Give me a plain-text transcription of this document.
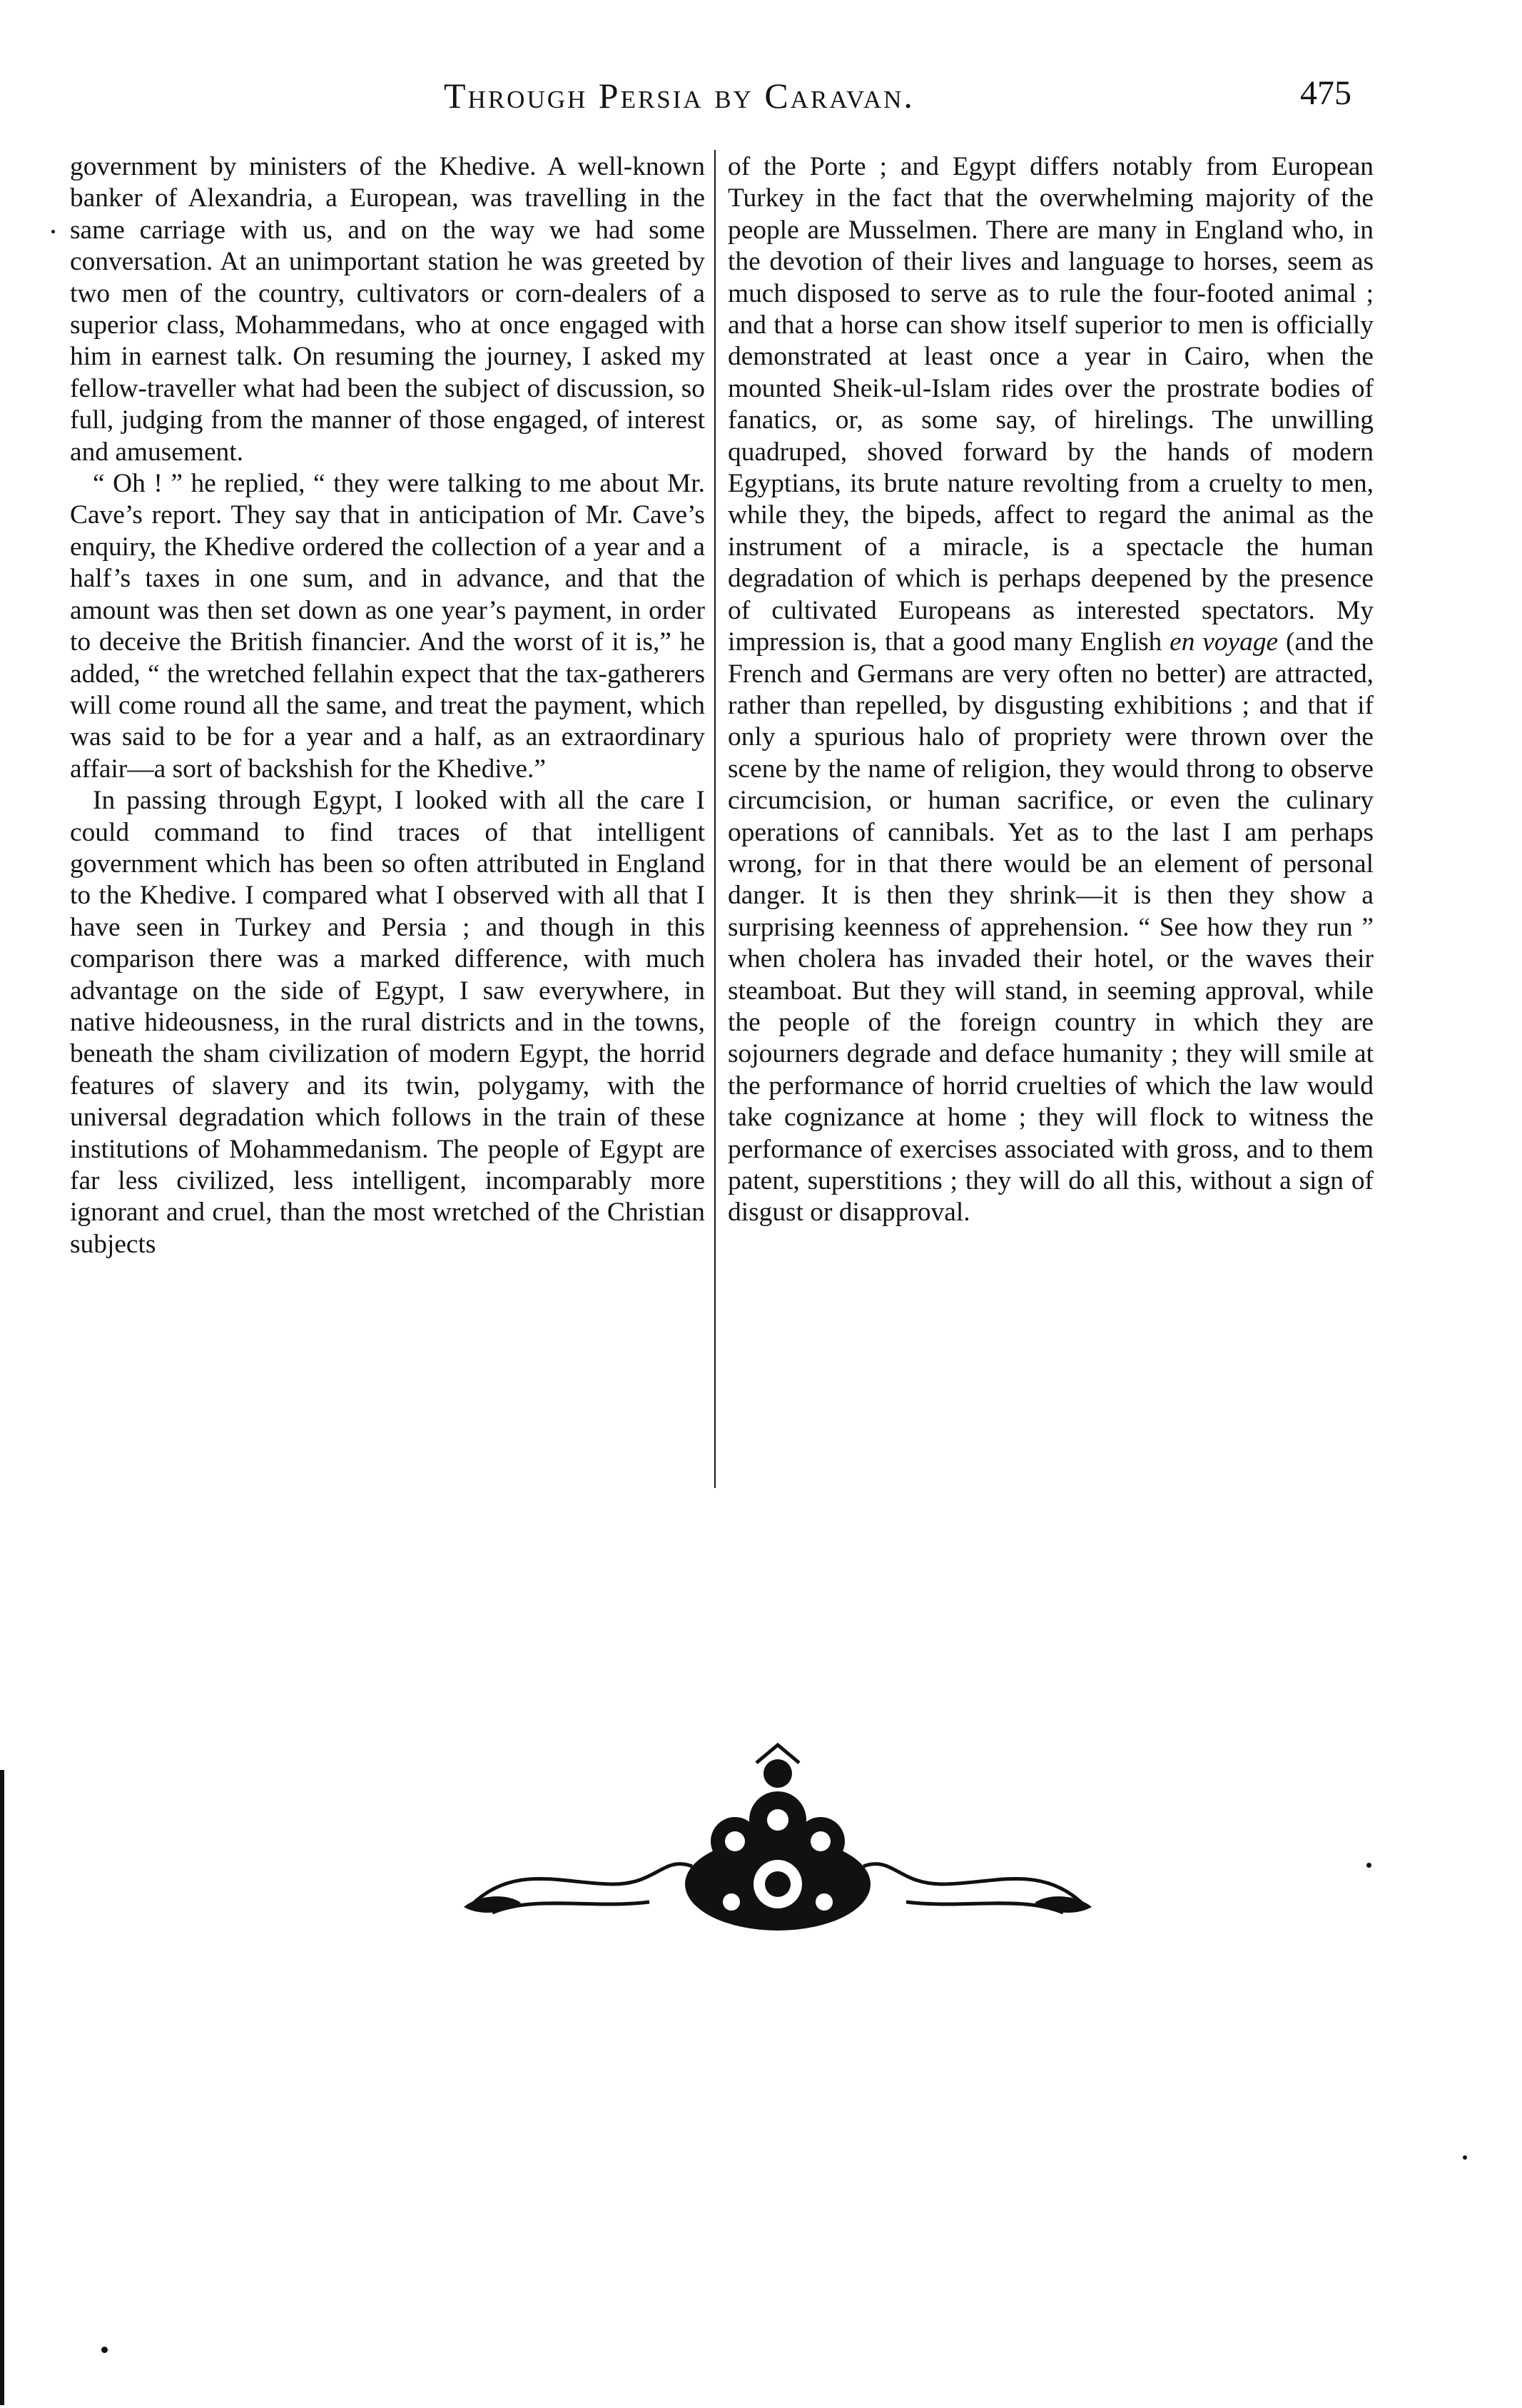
Through Persia by Caravan.	475

government by ministers of the Khedive. A well-known banker of Alexandria, a European, was travelling in the same carriage with us, and on the way we had some conversation. At an unimportant station he was greeted by two men of the country, cultivators or corn-dealers of a superior class, Mohammedans, who at once engaged with him in earnest talk. On resuming the journey, I asked my fellow-traveller what had been the subject of discussion, so full, judging from the manner of those engaged, of interest and amusement.

“ Oh ! ” he replied, “ they were talking to me about Mr. Cave’s report. They say that in anticipation of Mr. Cave’s enquiry, the Khedive ordered the collection of a year and a half’s taxes in one sum, and in advance, and that the amount was then set down as one year’s payment, in order to deceive the British financier. And the worst of it is,” he added, “ the wretched fellahin expect that the tax-gatherers will come round all the same, and treat the payment, which was said to be for a year and a half, as an extraordinary affair—a sort of backshish for the Khedive.”

In passing through Egypt, I looked with all the care I could command to find traces of that intelligent government which has been so often attributed in England to the Khedive. I compared what I observed with all that I have seen in Turkey and Persia ; and though in this comparison there was a marked difference, with much advantage on the side of Egypt, I saw everywhere, in native hideousness, in the rural districts and in the towns, beneath the sham civilization of modern Egypt, the horrid features of slavery and its twin, polygamy, with the universal degradation which follows in the train of these institutions of Mohammedanism. The people of Egypt are far less civilized, less intelligent, incomparably more ignorant and cruel, than the most wretched of the Christian subjects

of the Porte ; and Egypt differs notably from European Turkey in the fact that the overwhelming majority of the people are Musselmen. There are many in England who, in the devotion of their lives and language to horses, seem as much disposed to serve as to rule the four-footed animal ; and that a horse can show itself superior to men is officially demonstrated at least once a year in Cairo, when the mounted Sheik-ul-Islam rides over the prostrate bodies of fanatics, or, as some say, of hirelings. The unwilling quadruped, shoved forward by the hands of modern Egyptians, its brute nature revolting from a cruelty to men, while they, the bipeds, affect to regard the animal as the instrument of a miracle, is a spectacle the human degradation of which is perhaps deepened by the presence of cultivated Europeans as interested spectators. My impression is, that a good many English en voyage (and the French and Germans are very often no better) are attracted, rather than repelled, by disgusting exhibitions ; and that if only a spurious halo of propriety were thrown over the scene by the name of religion, they would throng to observe circumcision, or human sacrifice, or even the culinary operations of cannibals. Yet as to the last I am perhaps wrong, for in that there would be an element of personal danger. It is then they shrink—it is then they show a surprising keenness of apprehension. “ See how they run ” when cholera has invaded their hotel, or the waves their steamboat. But they will stand, in seeming approval, while the people of the foreign country in which they are sojourners degrade and deface humanity ; they will smile at the performance of horrid cruelties of which the law would take cognizance at home ; they will flock to witness the performance of exercises associated with gross, and to them patent, superstitions ; they will do all this, without a sign of disgust or disapproval.
